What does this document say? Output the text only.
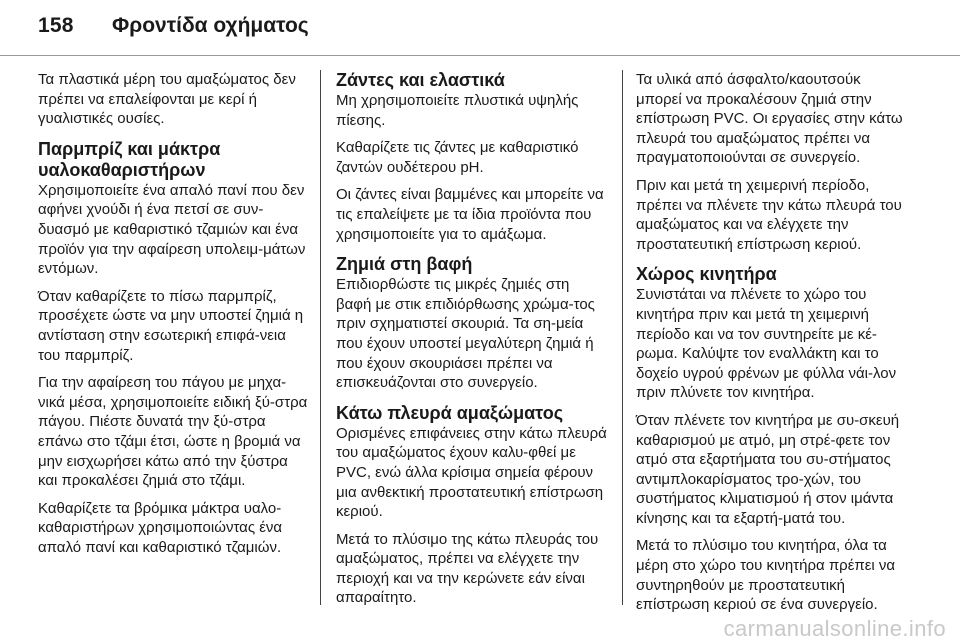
158 Φροντίδα οχήματος

Τα πλαστικά μέρη του αμαξώματος δεν πρέπει να επαλείφονται με κερί ή γυαλιστικές ουσίες.

Παρμπρίζ και μάκτρα υαλοκαθαριστήρων

Χρησιμοποιείτε ένα απαλό πανί που δεν αφήνει χνούδι ή ένα πετσί σε συν-δυασμό με καθαριστικό τζαμιών και ένα προϊόν για την αφαίρεση υπολειμ-μάτων εντόμων.

Όταν καθαρίζετε το πίσω παρμπρίζ, προσέχετε ώστε να μην υποστεί ζημιά η αντίσταση στην εσωτερική επιφά-νεια του παρμπρίζ.

Για την αφαίρεση του πάγου με μηχα-νικά μέσα, χρησιμοποιείτε ειδική ξύ-στρα πάγου. Πιέστε δυνατά την ξύ-στρα επάνω στο τζάμι έτσι, ώστε η βρομιά να μην εισχωρήσει κάτω από την ξύστρα και προκαλέσει ζημιά στο τζάμι.

Καθαρίζετε τα βρόμικα μάκτρα υαλο-καθαριστήρων χρησιμοποιώντας ένα απαλό πανί και καθαριστικό τζαμιών.

Ζάντες και ελαστικά

Μη χρησιμοποιείτε πλυστικά υψηλής πίεσης.

Καθαρίζετε τις ζάντες με καθαριστικό ζαντών ουδέτερου pH.

Οι ζάντες είναι βαμμένες και μπορείτε να τις επαλείψετε με τα ίδια προϊόντα που χρησιμοποιείτε για το αμάξωμα.

Ζημιά στη βαφή

Επιδιορθώστε τις μικρές ζημιές στη βαφή με στικ επιδιόρθωσης χρώμα-τος πριν σχηματιστεί σκουριά. Τα ση-μεία που έχουν υποστεί μεγαλύτερη ζημιά ή που έχουν σκουριάσει πρέπει να επισκευάζονται στο συνεργείο.

Κάτω πλευρά αμαξώματος

Ορισμένες επιφάνειες στην κάτω πλευρά του αμαξώματος έχουν καλυ-φθεί με PVC, ενώ άλλα κρίσιμα σημεία φέρουν μια ανθεκτική προστατευτική επίστρωση κεριού.

Μετά το πλύσιμο της κάτω πλευράς του αμαξώματος, πρέπει να ελέγχετε την περιοχή και να την κερώνετε εάν είναι απαραίτητο.

Τα υλικά από άσφαλτο/καουτσούκ μπορεί να προκαλέσουν ζημιά στην επίστρωση PVC. Οι εργασίες στην κάτω πλευρά του αμαξώματος πρέπει να πραγματοποιούνται σε συνεργείο.

Πριν και μετά τη χειμερινή περίοδο, πρέπει να πλένετε την κάτω πλευρά του αμαξώματος και να ελέγχετε την προστατευτική επίστρωση κεριού.

Χώρος κινητήρα

Συνιστάται να πλένετε το χώρο του κινητήρα πριν και μετά τη χειμερινή περίοδο και να τον συντηρείτε με κέ-ρωμα. Καλύψτε τον εναλλάκτη και το δοχείο υγρού φρένων με φύλλα νάι-λον πριν πλύνετε τον κινητήρα.

Όταν πλένετε τον κινητήρα με συ-σκευή καθαρισμού με ατμό, μη στρέ-φετε τον ατμό στα εξαρτήματα του συ-στήματος αντιμπλοκαρίσματος τρο-χών, του συστήματος κλιματισμού ή στον ιμάντα κίνησης και τα εξαρτή-ματά του.

Μετά το πλύσιμο του κινητήρα, όλα τα μέρη στο χώρο του κινητήρα πρέπει να συντηρηθούν με προστατευτική επίστρωση κεριού σε ένα συνεργείο.

carmanualsonline.info
